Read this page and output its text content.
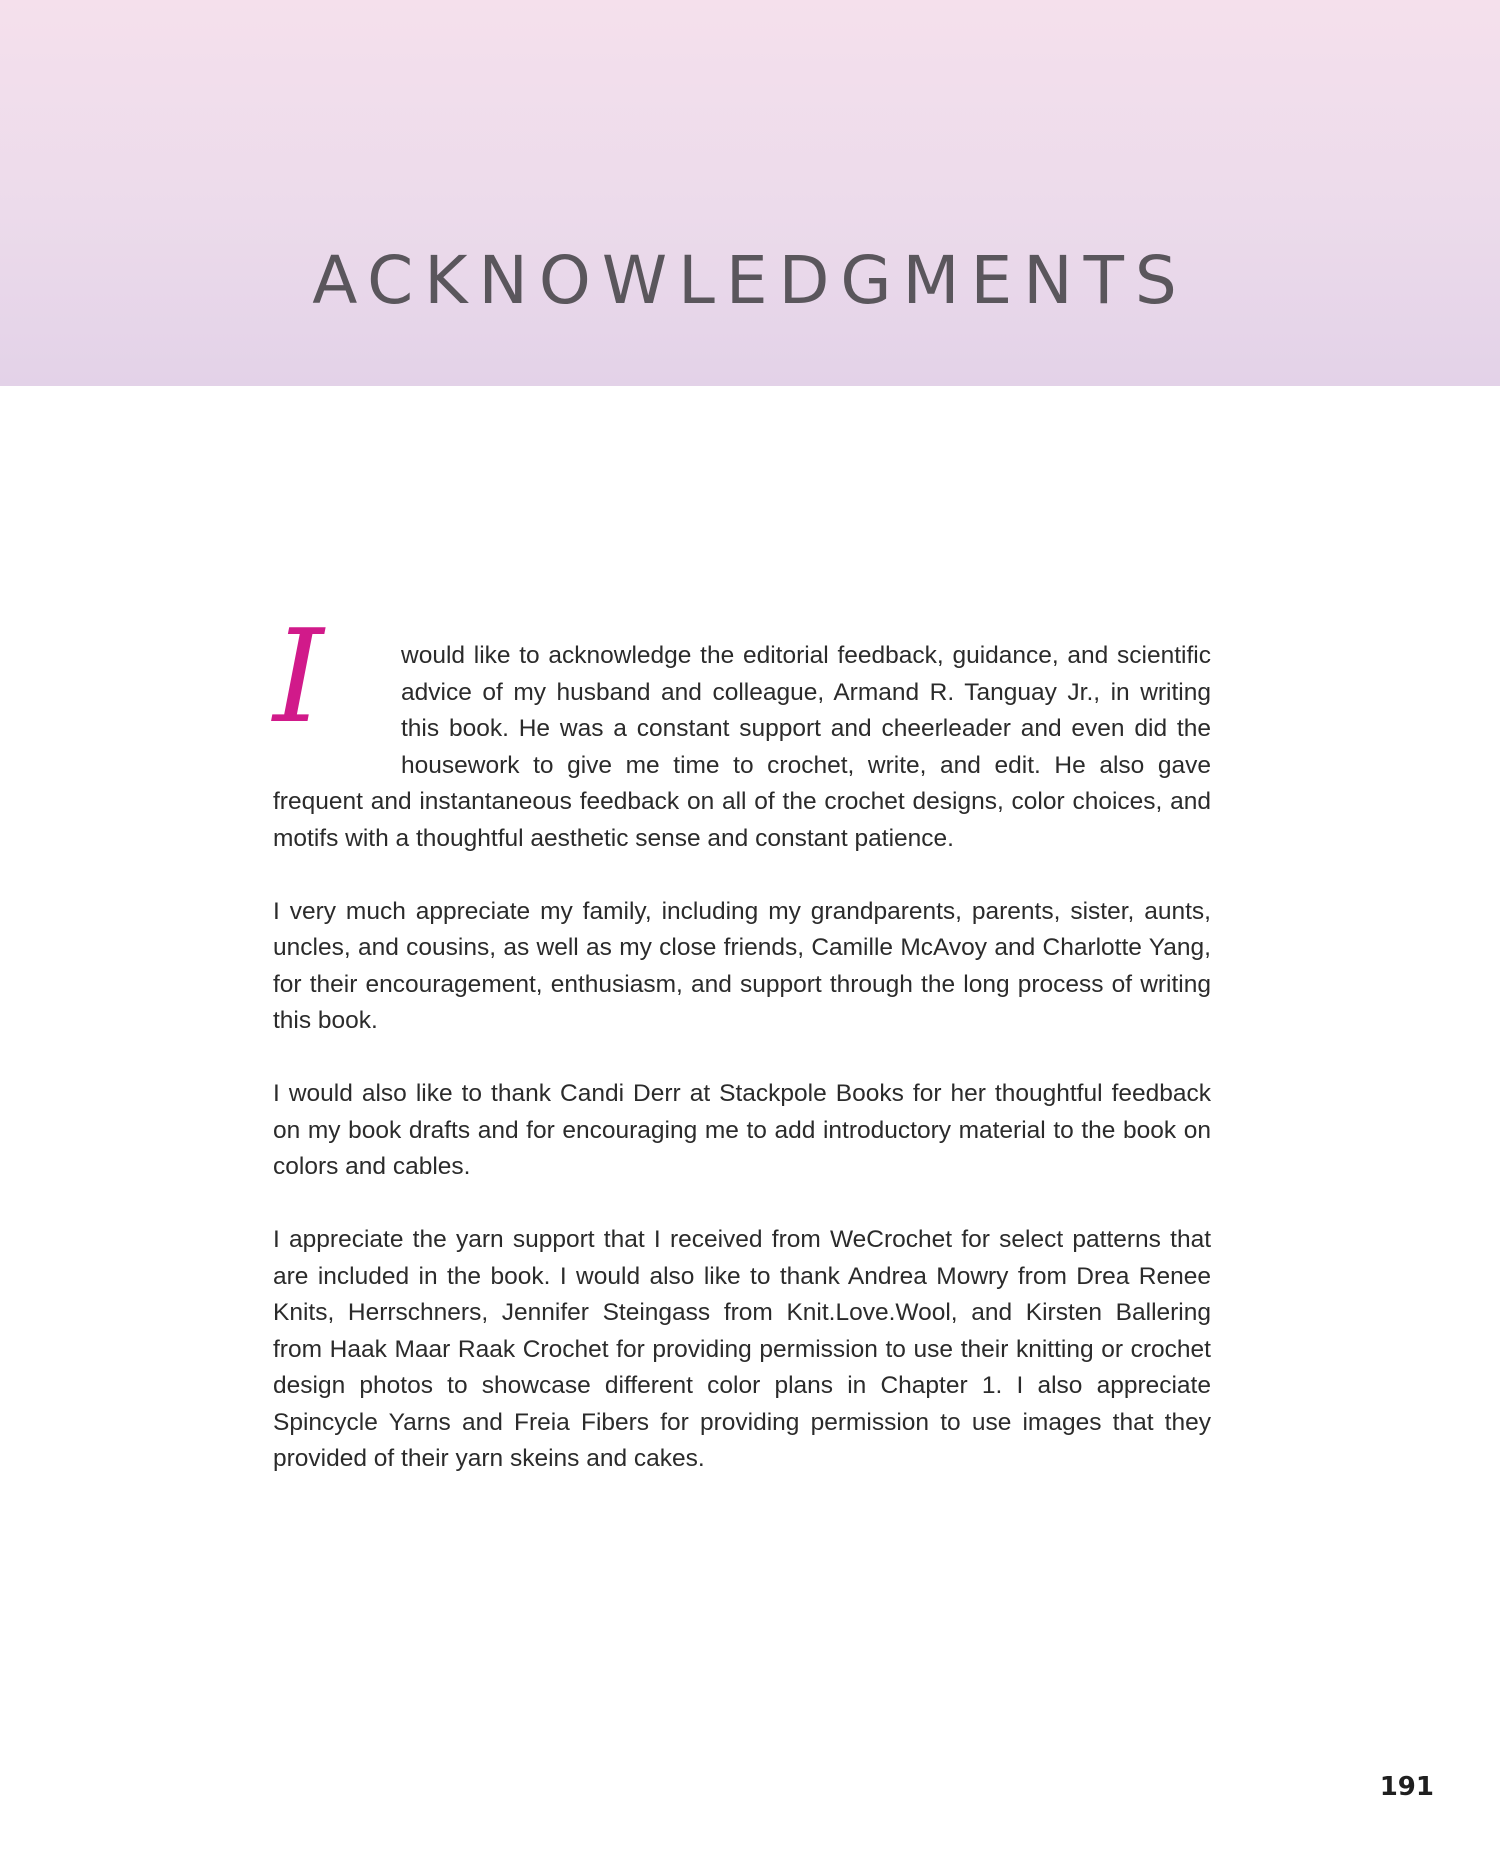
ACKNOWLEDGMENTS

I	would like to acknowledge the editorial feedback, guidance, and scientific advice of my husband and colleague, Armand R. Tanguay Jr., in writing this book. He was a constant support and cheerleader and even did the housework to give me time to crochet, write, and edit. He also gave frequent and instantaneous feedback on all of the crochet designs, color choices, and motifs with a thoughtful aesthetic sense and constant patience.

I very much appreciate my family, including my grandparents, parents, sister, aunts, uncles, and cousins, as well as my close friends, Camille McAvoy and Charlotte Yang, for their encouragement, enthusiasm, and support through the long process of writing this book.

I would also like to thank Candi Derr at Stackpole Books for her thoughtful feedback on my book drafts and for encouraging me to add introductory material to the book on colors and cables.

I appreciate the yarn support that I received from WeCrochet for select patterns that are included in the book. I would also like to thank Andrea Mowry from Drea Renee Knits, Herrschners, Jennifer Steingass from Knit.Love.Wool, and Kirsten Ballering from Haak Maar Raak Crochet for providing permission to use their knitting or crochet design photos to showcase different color plans in Chapter 1. I also appreciate Spincycle Yarns and Freia Fibers for providing permission to use images that they provided of their yarn skeins and cakes.

191
